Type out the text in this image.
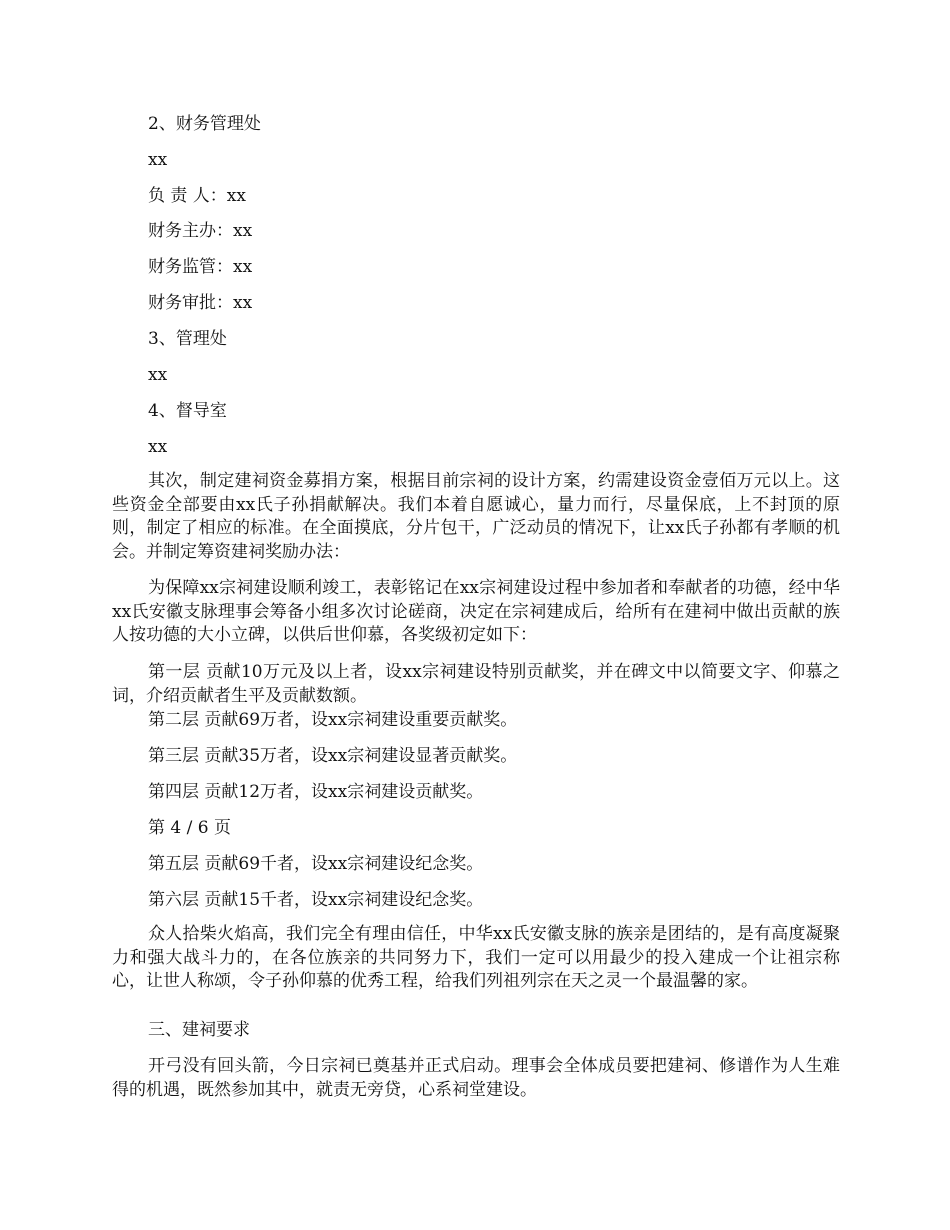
2、财务管理处
xx
负 责 人：xx
财务主办：xx
财务监管：xx
财务审批：xx
3、管理处
xx
4、督导室
xx
其次，制定建祠资金募捐方案，根据目前宗祠的设计方案，约需建设资金壹佰万元以上。这些资金全部要由xx氏子孙捐献解决。我们本着自愿诚心，量力而行，尽量保底，上不封顶的原则，制定了相应的标准。在全面摸底，分片包干，广泛动员的情况下，让xx氏子孙都有孝顺的机会。并制定筹资建祠奖励办法：
为保障xx宗祠建设顺利竣工，表彰铭记在xx宗祠建设过程中参加者和奉献者的功德，经中华xx氏安徽支脉理事会筹备小组多次讨论磋商，决定在宗祠建成后，给所有在建祠中做出贡献的族人按功德的大小立碑，以供后世仰慕，各奖级初定如下：
第一层 贡献10万元及以上者，设xx宗祠建设特别贡献奖，并在碑文中以简要文字、仰慕之词，介绍贡献者生平及贡献数额。
第二层 贡献69万者，设xx宗祠建设重要贡献奖。
第三层 贡献35万者，设xx宗祠建设显著贡献奖。
第四层 贡献12万者，设xx宗祠建设贡献奖。
第 4 / 6 页
第五层 贡献69千者，设xx宗祠建设纪念奖。
第六层 贡献15千者，设xx宗祠建设纪念奖。
众人拾柴火焰高，我们完全有理由信任，中华xx氏安徽支脉的族亲是团结的，是有高度凝聚力和强大战斗力的，在各位族亲的共同努力下，我们一定可以用最少的投入建成一个让祖宗称心，让世人称颂，令子孙仰慕的优秀工程，给我们列祖列宗在天之灵一个最温馨的家。
三、建祠要求
开弓没有回头箭，今日宗祠已奠基并正式启动。理事会全体成员要把建祠、修谱作为人生难得的机遇，既然参加其中，就责无旁贷，心系祠堂建设。
